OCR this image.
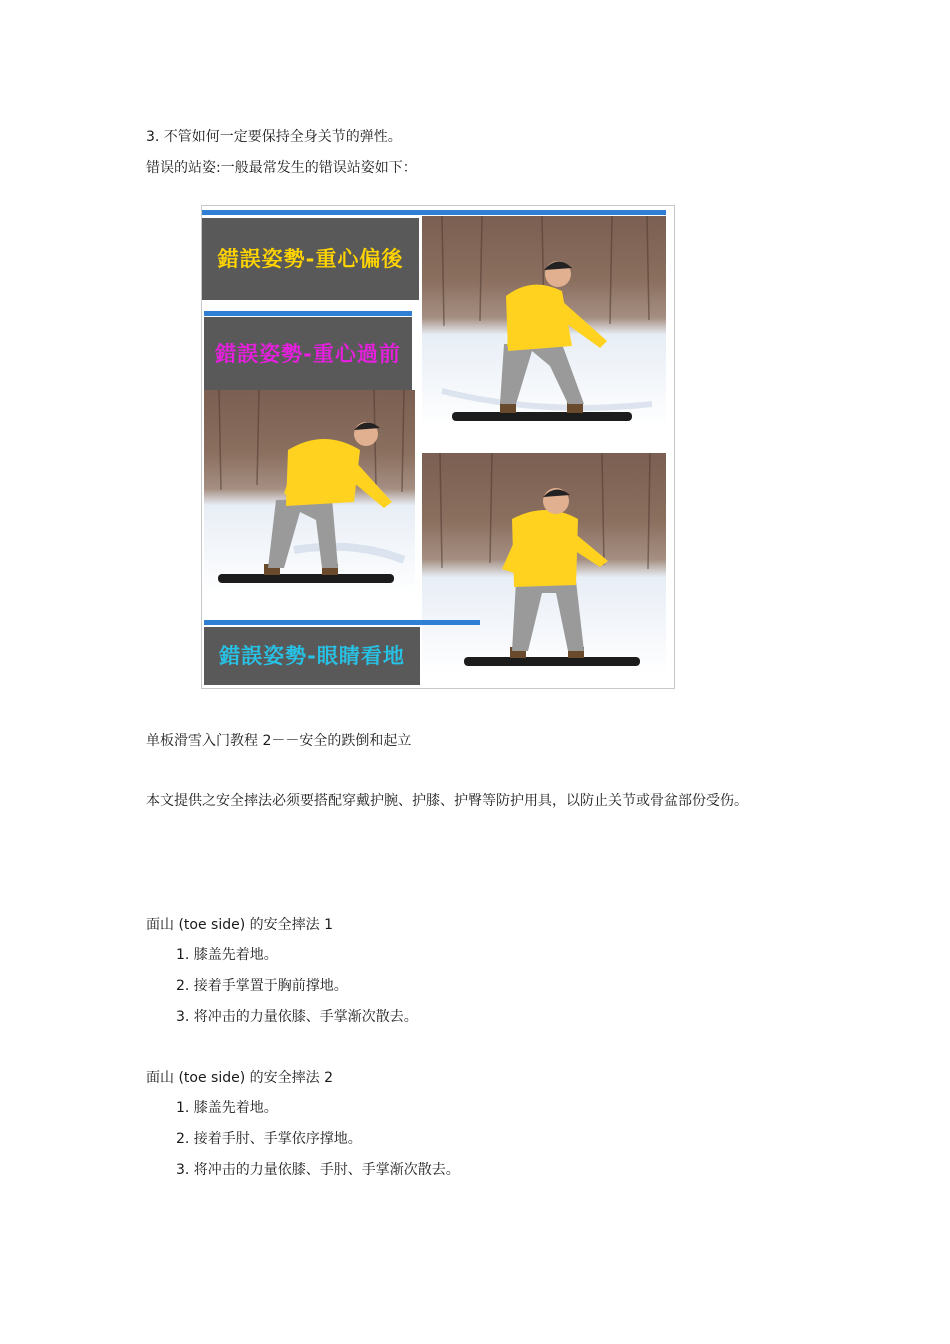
3. 不管如何一定要保持全身关节的弹性。
错误的站姿:一般最常发生的错误站姿如下：
錯誤姿勢-重心偏後
錯誤姿勢-重心過前
錯誤姿勢-眼睛看地
单板滑雪入门教程 2－－安全的跌倒和起立
本文提供之安全摔法必须要搭配穿戴护腕、护膝、护臀等防护用具，以防止关节或骨盆部份受伤。
面山 (toe side) 的安全摔法 1
1. 膝盖先着地。
2. 接着手掌置于胸前撑地。
3. 将冲击的力量依膝、手掌渐次散去。
面山 (toe side) 的安全摔法 2
1. 膝盖先着地。
2. 接着手肘、手掌依序撑地。
3. 将冲击的力量依膝、手肘、手掌渐次散去。
